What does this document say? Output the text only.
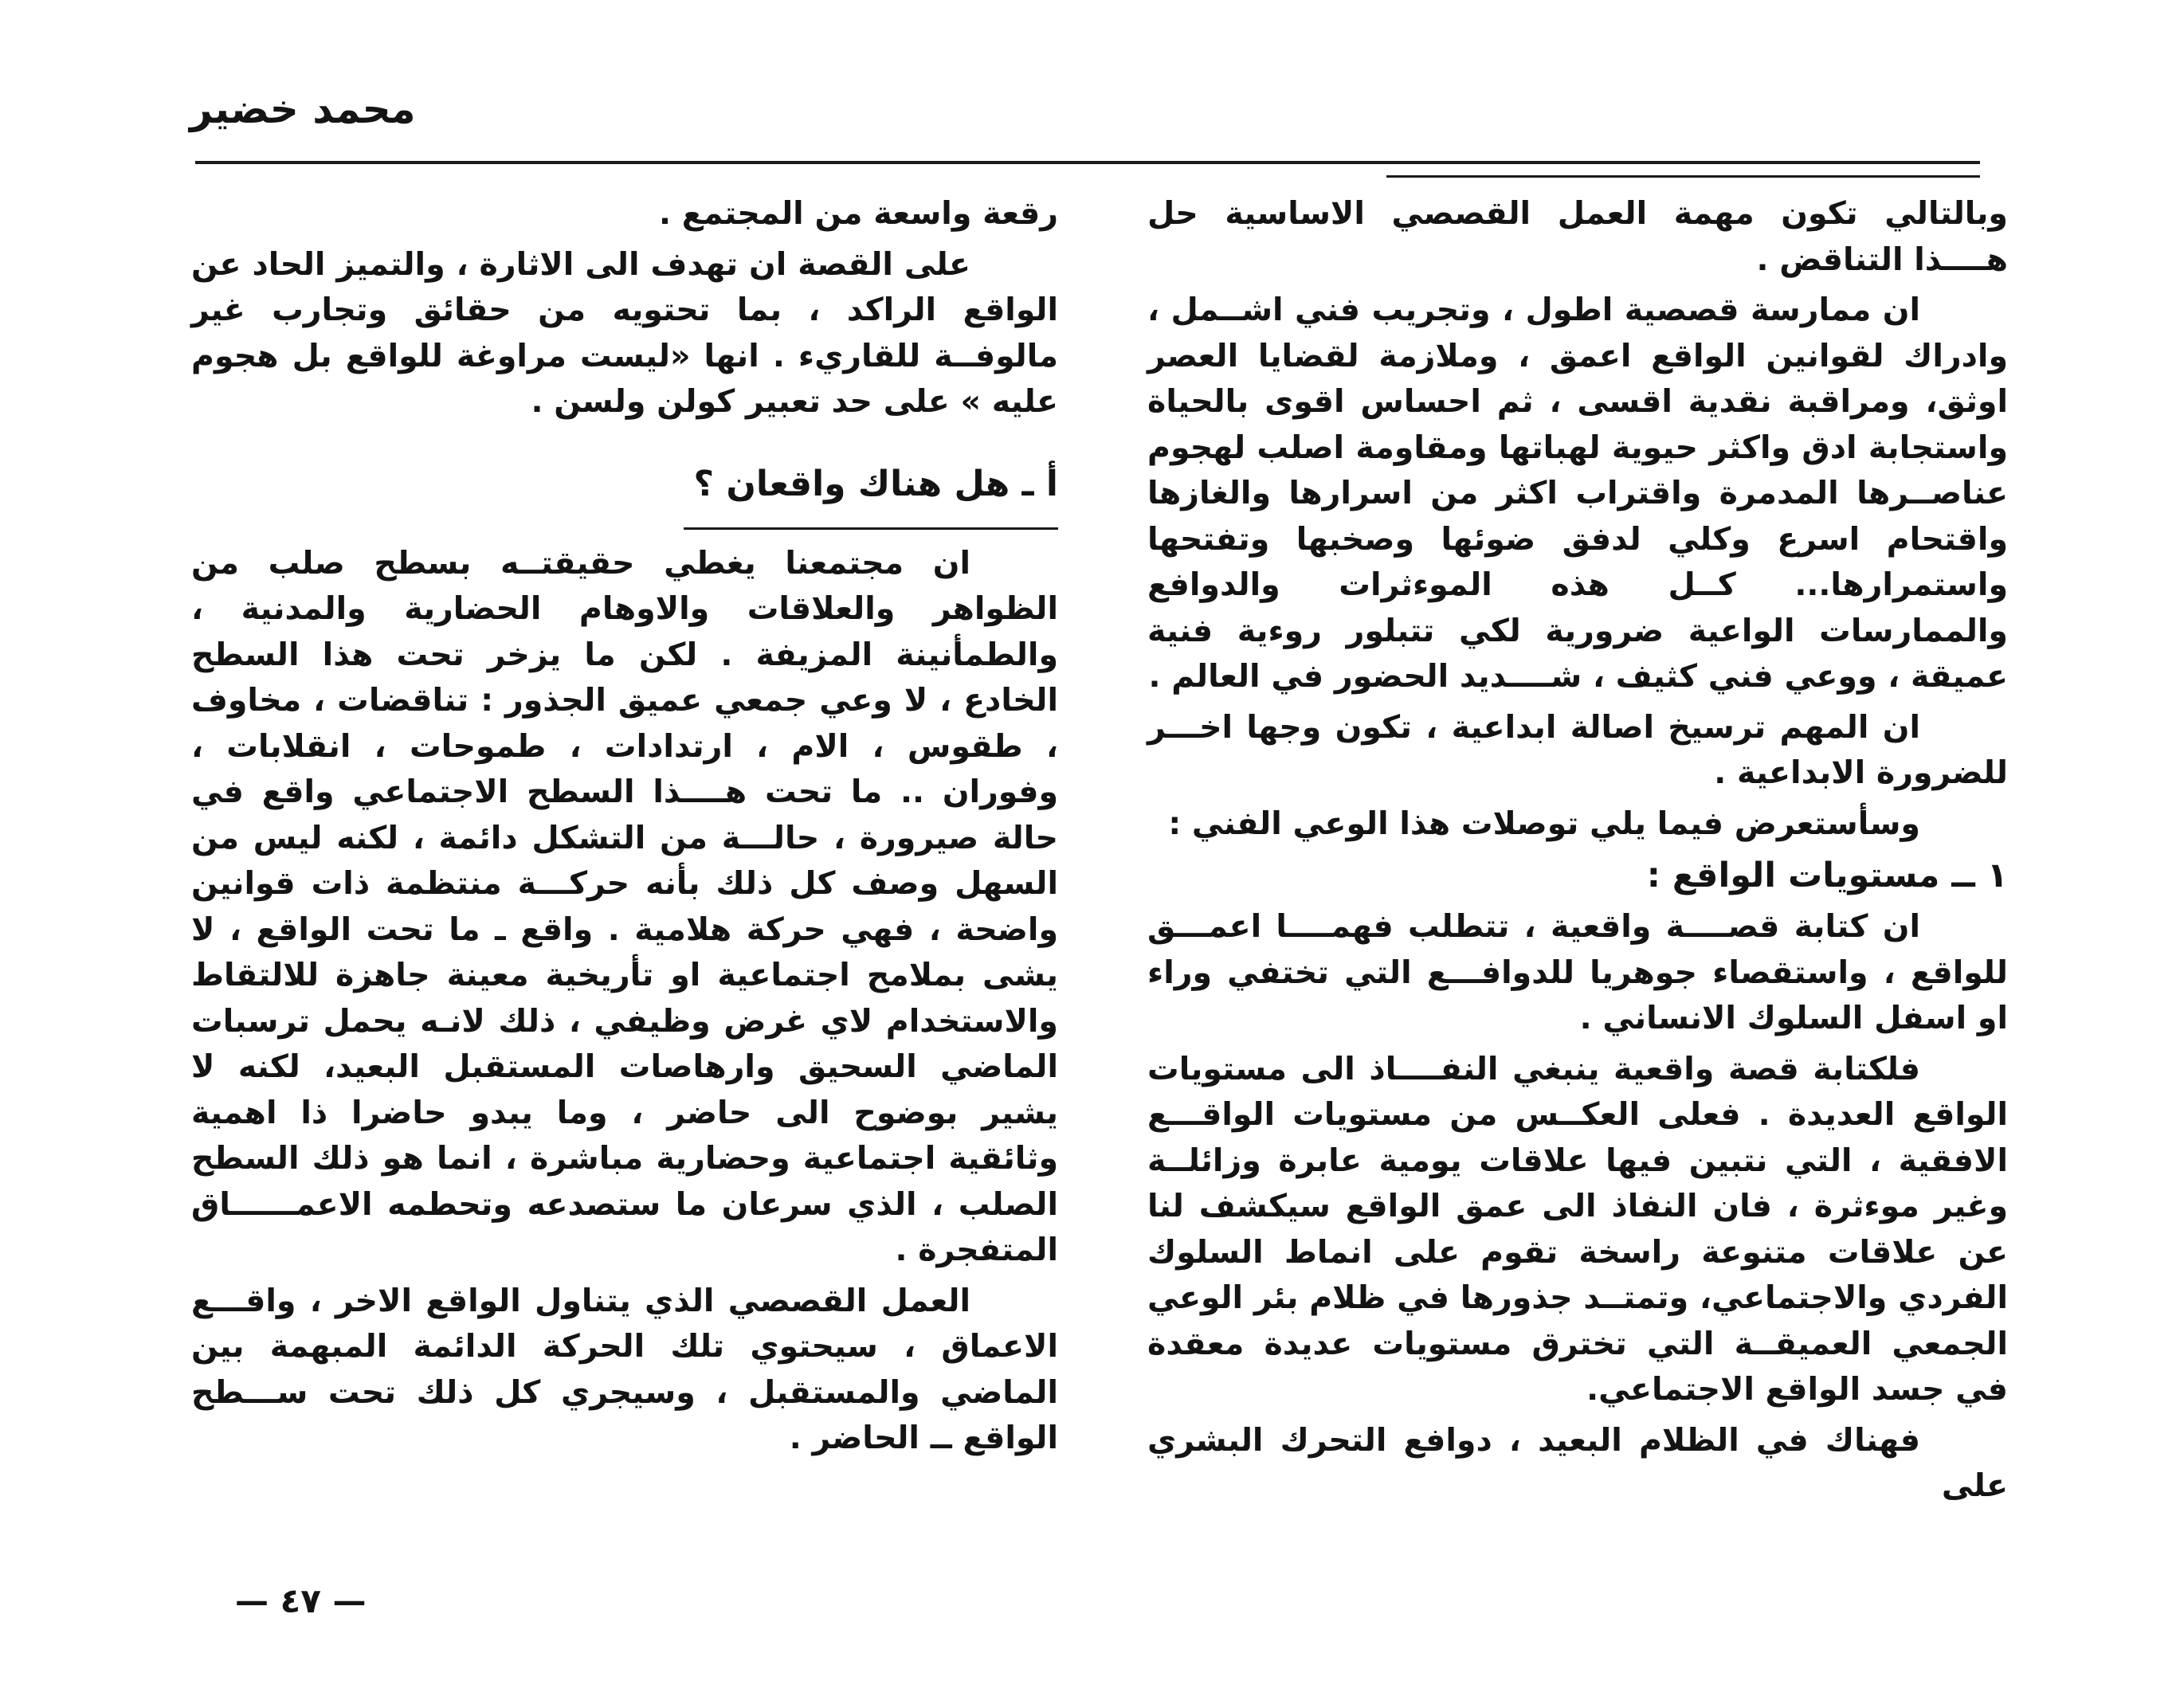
محمد خضير

وبالتالي تكون مهمة العمل القصصي الاساسية حل هــــذا التناقض .

ان ممارسة قصصية اطول ، وتجريب فني اشــمل ، وادراك لقوانين الواقع اعمق ، وملازمة لقضايا العصر اوثق، ومراقبة نقدية اقسى ، ثم احساس اقوى بالحياة واستجابة ادق واكثر حيوية لهباتها ومقاومة اصلب لهجوم عناصــرها المدمرة واقتراب اكثر من اسرارها والغازها واقتحام اسرع وكلي لدفق ضوئها وصخبها وتفتحها واستمرارها... كــل هذه الموءثرات والدوافع والممارسات الواعية ضرورية لكي تتبلور روءية فنية عميقة ، ووعي فني كثيف ، شــــديد الحضور في العالم .

ان المهم ترسيخ اصالة ابداعية ، تكون وجها اخـــر للضرورة الابداعية .

وسأستعرض فيما يلي توصلات هذا الوعي الفني :

١ ــ مستويات الواقع :

ان كتابة قصــــة واقعية ، تتطلب فهمــــا اعمـــق للواقع ، واستقصاء جوهريا للدوافـــع التي تختفي وراء او اسفل السلوك الانساني .

فلكتابة قصة واقعية ينبغي النفــــاذ الى مستويات الواقع العديدة . فعلى العكــس من مستويات الواقـــع الافقية ، التي نتبين فيها علاقات يومية عابرة وزائلــة وغير موءثرة ، فان النفاذ الى عمق الواقع سيكشف لنا عن علاقات متنوعة راسخة تقوم على انماط السلوك الفردي والاجتماعي، وتمتــد جذورها في ظلام بئر الوعي الجمعي العميقــة التي تخترق مستويات عديدة معقدة في جسد الواقع الاجتماعي.

فهناك في الظلام البعيد ، دوافع التحرك البشري على

رقعة واسعة من المجتمع .

على القصة ان تهدف الى الاثارة ، والتميز الحاد عن الواقع الراكد ، بما تحتويه من حقائق وتجارب غير مالوفــة للقاريء . انها «ليست مراوغة للواقع بل هجوم عليه » على حد تعبير كولن ولسن .

أ ـ هل هناك واقعان ؟

ان مجتمعنا يغطي حقيقتــه بسطح صلب من الظواهر والعلاقات والاوهام الحضارية والمدنية ، والطمأنينة المزيفة . لكن ما يزخر تحت هذا السطح الخادع ، لا وعي جمعي عميق الجذور : تناقضات ، مخاوف ، طقوس ، الام ، ارتدادات ، طموحات ، انقلابات ، وفوران .. ما تحت هــــذا السطح الاجتماعي واقع في حالة صيرورة ، حالـــة من التشكل دائمة ، لكنه ليس من السهل وصف كل ذلك بأنه حركـــة منتظمة ذات قوانين واضحة ، فهي حركة هلامية . واقع ـ ما تحت الواقع ، لا يشى بملامح اجتماعية او تأريخية معينة جاهزة للالتقاط والاستخدام لاي غرض وظيفي ، ذلك لانـه يحمل ترسبات الماضي السحيق وارهاصات المستقبل البعيد، لكنه لا يشير بوضوح الى حاضر ، وما يبدو حاضرا ذا اهمية وثائقية اجتماعية وحضارية مباشرة ، انما هو ذلك السطح الصلب ، الذي سرعان ما ستصدعه وتحطمه الاعمــــــاق المتفجرة .

العمل القصصي الذي يتناول الواقع الاخر ، واقـــع الاعماق ، سيحتوي تلك الحركة الدائمة المبهمة بين الماضي والمستقبل ، وسيجري كل ذلك تحت ســـطح الواقع ــ الحاضر .

— ٤٧ —
